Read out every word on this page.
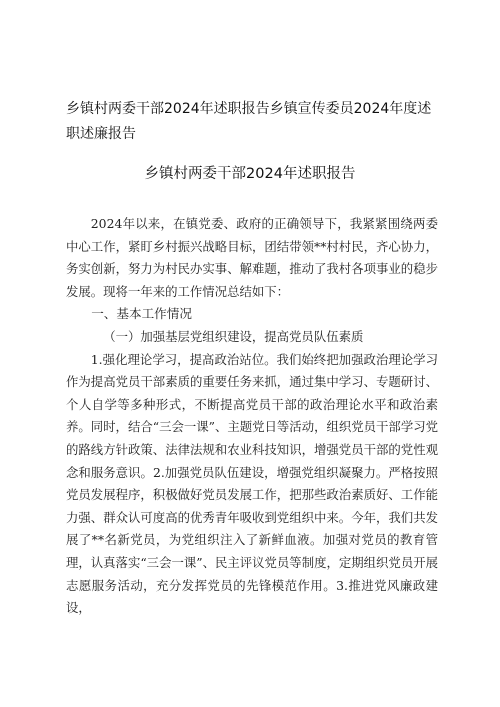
乡镇村两委干部2024年述职报告乡镇宣传委员2024年度述职述廉报告
乡镇村两委干部2024年述职报告

2024年以来，在镇党委、政府的正确领导下，我紧紧围绕两委中心工作，紧盯乡村振兴战略目标，团结带领**村村民，齐心协力，务实创新，努力为村民办实事、解难题，推动了我村各项事业的稳步发展。现将一年来的工作情况总结如下：

一、基本工作情况

（一）加强基层党组织建设，提高党员队伍素质

1.强化理论学习，提高政治站位。我们始终把加强政治理论学习作为提高党员干部素质的重要任务来抓，通过集中学习、专题研讨、个人自学等多种形式，不断提高党员干部的政治理论水平和政治素养。同时，结合“三会一课”、主题党日等活动，组织党员干部学习党的路线方针政策、法律法规和农业科技知识，增强党员干部的党性观念和服务意识。2.加强党员队伍建设，增强党组织凝聚力。严格按照党员发展程序，积极做好党员发展工作，把那些政治素质好、工作能力强、群众认可度高的优秀青年吸收到党组织中来。今年，我们共发展了**名新党员，为党组织注入了新鲜血液。加强对党员的教育管理，认真落实“三会一课”、民主评议党员等制度，定期组织党员开展志愿服务活动，充分发挥党员的先锋模范作用。3.推进党风廉政建设，
